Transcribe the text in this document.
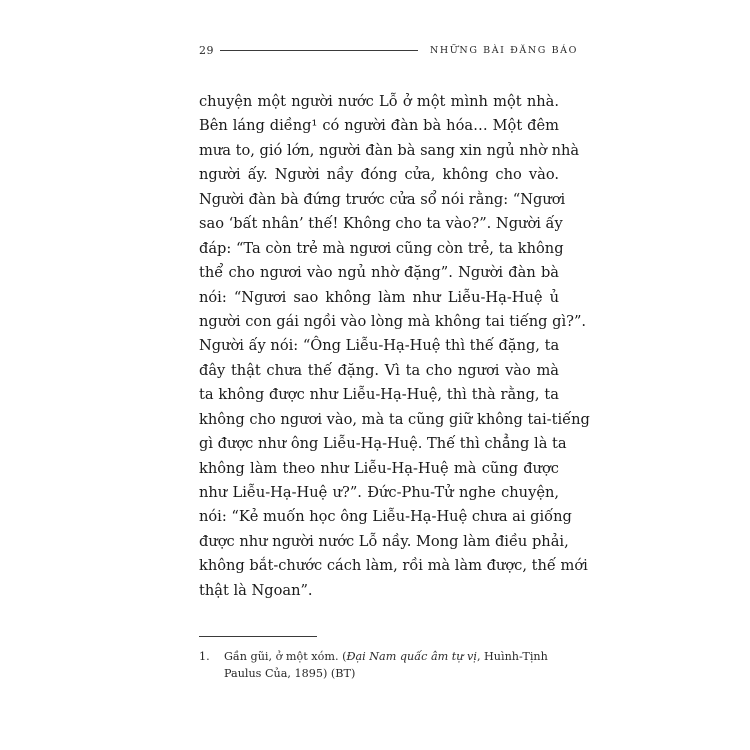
29	NHỮNG BÀI ĐĂNG BÁO
chuyện một người nước Lỗ ở một mình một nhà.
Bên láng diềng¹ có người đàn bà hóa… Một đêm
mưa to, gió lớn, người đàn bà sang xin ngủ nhờ nhà
người ấy. Người nầy đóng cửa, không cho vào.
Người đàn bà đứng trước cửa sổ nói rằng: “Ngươi
sao ‘bất nhân’ thế! Không cho ta vào?”. Người ấy
đáp: “Ta còn trẻ mà ngươi cũng còn trẻ, ta không
thể cho ngươi vào ngủ nhờ đặng”. Người đàn bà
nói: “Ngươi sao không làm như Liễu-Hạ-Huệ ủ
người con gái ngồi vào lòng mà không tai tiếng gì?”.
Người ấy nói: “Ông Liễu-Hạ-Huệ thì thế đặng, ta
đây thật chưa thế đặng. Vì ta cho ngươi vào mà
ta không được như Liễu-Hạ-Huệ, thì thà rằng, ta
không cho ngươi vào, mà ta cũng giữ không tai-tiếng
gì được như ông Liễu-Hạ-Huệ. Thế thì chẳng là ta
không làm theo như Liễu-Hạ-Huệ mà cũng được
như Liễu-Hạ-Huệ ư?”. Đức-Phu-Tử nghe chuyện,
nói: “Kẻ muốn học ông Liễu-Hạ-Huệ chưa ai giống
được như người nước Lỗ nầy. Mong làm điều phải,
không bắt-chước cách làm, rồi mà làm được, thế mới
thật là Ngoan”.
1.	Gần gũi, ở một xóm. (Đại Nam quấc âm tự vị, Huình-Tịnh
Paulus Của, 1895) (BT)
